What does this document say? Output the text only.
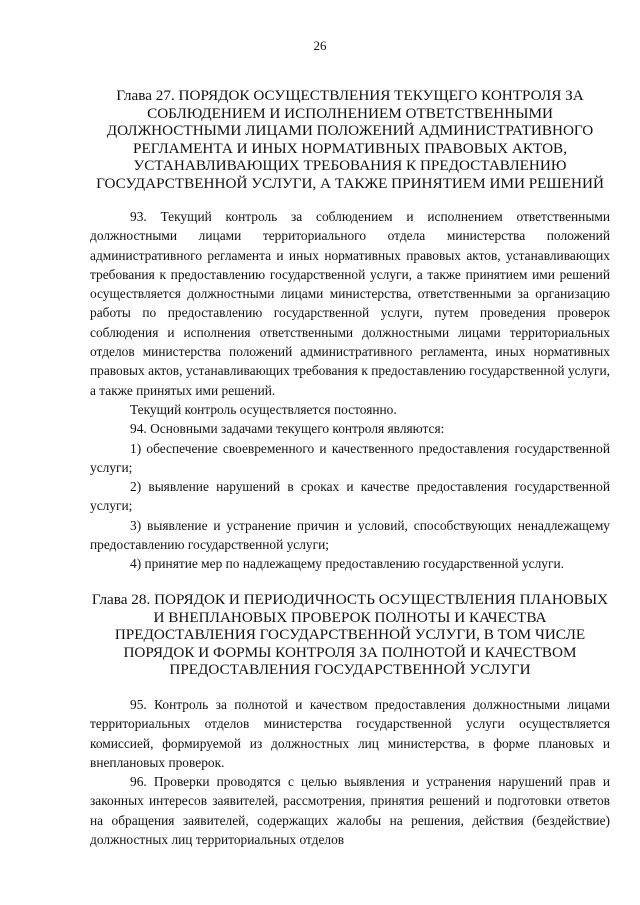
26
Глава 27. ПОРЯДОК ОСУЩЕСТВЛЕНИЯ ТЕКУЩЕГО КОНТРОЛЯ ЗА СОБЛЮДЕНИЕМ И ИСПОЛНЕНИЕМ ОТВЕТСТВЕННЫМИ ДОЛЖНОСТНЫМИ ЛИЦАМИ ПОЛОЖЕНИЙ АДМИНИСТРАТИВНОГО РЕГЛАМЕНТА И ИНЫХ НОРМАТИВНЫХ ПРАВОВЫХ АКТОВ, УСТАНАВЛИВАЮЩИХ ТРЕБОВАНИЯ К ПРЕДОСТАВЛЕНИЮ ГОСУДАРСТВЕННОЙ УСЛУГИ, А ТАКЖЕ ПРИНЯТИЕМ ИМИ РЕШЕНИЙ

93. Текущий контроль за соблюдением и исполнением ответственными должностными лицами территориального отдела министерства положений административного регламента и иных нормативных правовых актов, устанавливающих требования к предоставлению государственной услуги, а также принятием ими решений осуществляется должностными лицами министерства, ответственными за организацию работы по предоставлению государственной услуги, путем проведения проверок соблюдения и исполнения ответственными должностными лицами территориальных отделов министерства положений административного регламента, иных нормативных правовых актов, устанавливающих требования к предоставлению государственной услуги, а также принятых ими решений.

Текущий контроль осуществляется постоянно.

94. Основными задачами текущего контроля являются:

1) обеспечение своевременного и качественного предоставления государственной услуги;

2) выявление нарушений в сроках и качестве предоставления государственной услуги;

3) выявление и устранение причин и условий, способствующих ненадлежащему предоставлению государственной услуги;

4) принятие мер по надлежащему предоставлению государственной услуги.

Глава 28. ПОРЯДОК И ПЕРИОДИЧНОСТЬ ОСУЩЕСТВЛЕНИЯ ПЛАНОВЫХ И ВНЕПЛАНОВЫХ ПРОВЕРОК ПОЛНОТЫ И КАЧЕСТВА ПРЕДОСТАВЛЕНИЯ ГОСУДАРСТВЕННОЙ УСЛУГИ, В ТОМ ЧИСЛЕ ПОРЯДОК И ФОРМЫ КОНТРОЛЯ ЗА ПОЛНОТОЙ И КАЧЕСТВОМ ПРЕДОСТАВЛЕНИЯ ГОСУДАРСТВЕННОЙ УСЛУГИ

95. Контроль за полнотой и качеством предоставления должностными лицами территориальных отделов министерства государственной услуги осуществляется комиссией, формируемой из должностных лиц министерства, в форме плановых и внеплановых проверок.

96. Проверки проводятся с целью выявления и устранения нарушений прав и законных интересов заявителей, рассмотрения, принятия решений и подготовки ответов на обращения заявителей, содержащих жалобы на решения, действия (бездействие) должностных лиц территориальных отделов
